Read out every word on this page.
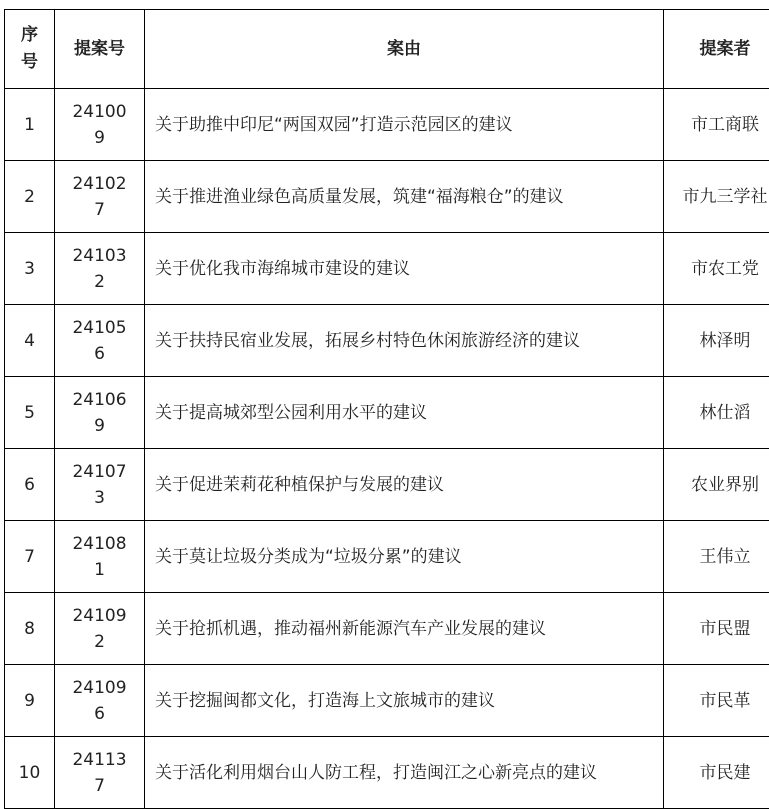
序号	提案号	案由	提案者
1	241009	关于助推中印尼“两国双园”打造示范园区的建议	市工商联
2	241027	关于推进渔业绿色高质量发展，筑建“福海粮仓”的建议	市九三学社
3	241032	关于优化我市海绵城市建设的建议	市农工党
4	241056	关于扶持民宿业发展，拓展乡村特色休闲旅游经济的建议	林泽明
5	241069	关于提高城郊型公园利用水平的建议	林仕滔
6	241073	关于促进茉莉花种植保护与发展的建议	农业界别
7	241081	关于莫让垃圾分类成为“垃圾分累”的建议	王伟立
8	241092	关于抢抓机遇，推动福州新能源汽车产业发展的建议	市民盟
9	241096	关于挖掘闽都文化，打造海上文旅城市的建议	市民革
10	241137	关于活化利用烟台山人防工程，打造闽江之心新亮点的建议	市民建
